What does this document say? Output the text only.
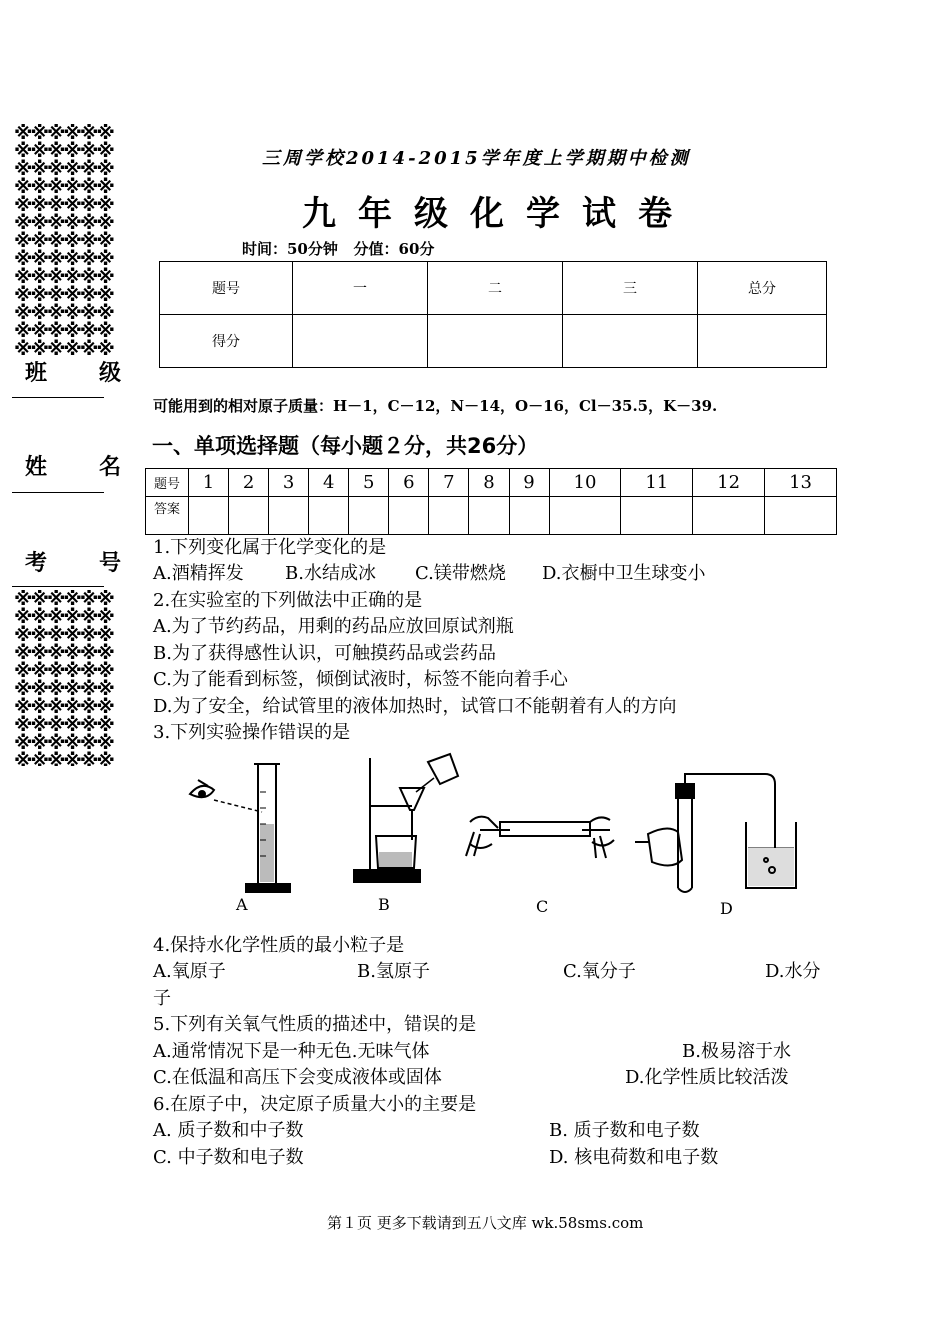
※※※※※※※※※※※※※※※※※※※※※※※※※※※※※※※※※※※※※※※※※※※※※※※※※※※※※※※※※※※※※※※※※※※※※※※※※※※※※※
班 级
姓 名
考 号
※※※※※※※※※※※※※※※※※※※※※※※※※※※※※※※※※※※※※※※※※※※※※※※※※※※※※※※※※※※※
三周学校2014-2015学年度上学期期中检测
九年级化学试卷
时间：50分钟   分值：60分
题号	一	二	三	总分
得分				
可能用到的相对原子质量：H－1，C－12，N－14，O－16，Cl－35.5，K－39.
一、单项选择题（每小题２分，共26分）
题号	1	2	3	4	5	6	7	8	9	10	11	12	13
答案													
1.下列变化属于化学变化的是
A.酒精挥发 B.水结成冰 C.镁带燃烧 D.衣橱中卫生球变小
2.在实验室的下列做法中正确的是
A.为了节约药品，用剩的药品应放回原试剂瓶
B.为了获得感性认识，可触摸药品或尝药品
C.为了能看到标签，倾倒试液时，标签不能向着手心
D.为了安全，给试管里的液体加热时，试管口不能朝着有人的方向
3.下列实验操作错误的是
A	B	C	D
4.保持水化学性质的最小粒子是
A.氧原子	B.氢原子	C.氧分子	D.水分
子
5.下列有关氧气性质的描述中，错误的是
A.通常情况下是一种无色.无味气体	B.极易溶于水
C.在低温和高压下会变成液体或固体	D.化学性质比较活泼
6.在原子中，决定原子质量大小的主要是
A. 质子数和中子数	B. 质子数和电子数
C. 中子数和电子数	D. 核电荷数和电子数
第１页 更多下载请到五八文库 wk.58sms.com
